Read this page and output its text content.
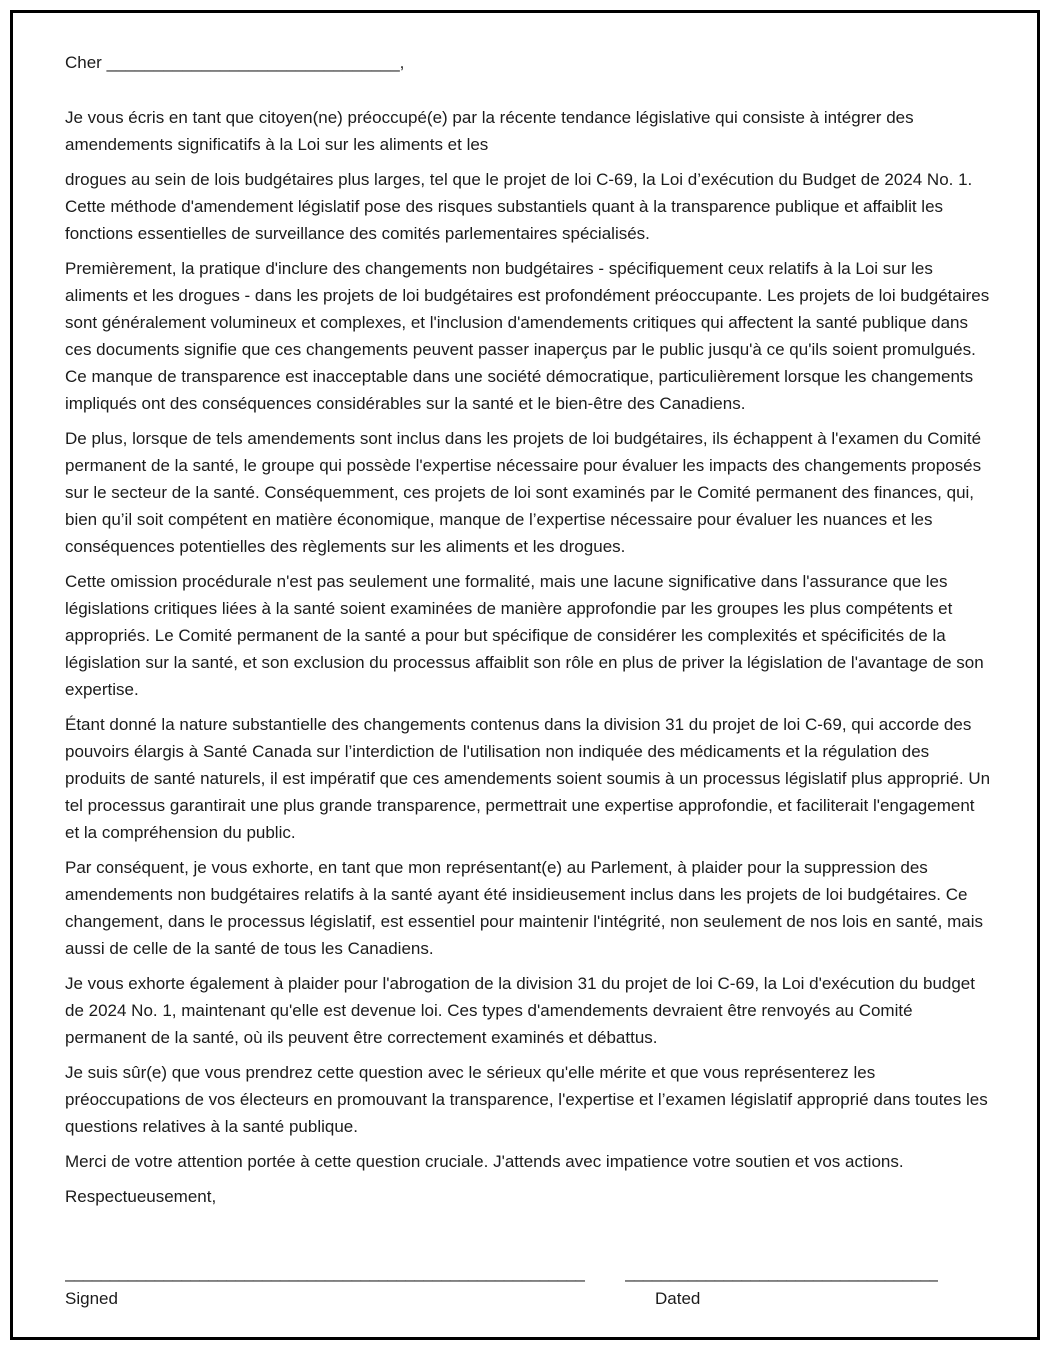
Cher _______________________________,

Je vous écris en tant que citoyen(ne) préoccupé(e) par la récente tendance législative qui consiste à intégrer des amendements significatifs à la Loi sur les aliments et les

drogues au sein de lois budgétaires plus larges, tel que le projet de loi C-69, la Loi d’exécution du Budget de 2024 No. 1. Cette méthode d'amendement législatif pose des risques substantiels quant à la transparence publique et affaiblit les fonctions essentielles de surveillance des comités parlementaires spécialisés.

Premièrement, la pratique d'inclure des changements non budgétaires - spécifiquement ceux relatifs à la Loi sur les aliments et les drogues - dans les projets de loi budgétaires est profondément préoccupante. Les projets de loi budgétaires sont généralement volumineux et complexes, et l'inclusion d'amendements critiques qui affectent la santé publique dans ces documents signifie que ces changements peuvent passer inaperçus par le public jusqu'à ce qu'ils soient promulgués. Ce manque de transparence est inacceptable dans une société démocratique, particulièrement lorsque les changements impliqués ont des conséquences considérables sur la santé et le bien-être des Canadiens.

De plus, lorsque de tels amendements sont inclus dans les projets de loi budgétaires, ils échappent à l'examen du Comité permanent de la santé, le groupe qui possède l'expertise nécessaire pour évaluer les impacts des changements proposés sur le secteur de la santé. Conséquemment, ces projets de loi sont examinés par le Comité permanent des finances, qui, bien qu’il soit compétent en matière économique, manque de l’expertise nécessaire pour évaluer les nuances et les conséquences potentielles des règlements sur les aliments et les drogues.

Cette omission procédurale n'est pas seulement une formalité, mais une lacune significative dans l'assurance que les législations critiques liées à la santé soient examinées de manière approfondie par les groupes les plus compétents et appropriés. Le Comité permanent de la santé a pour but spécifique de considérer les complexités et spécificités de la législation sur la santé, et son exclusion du processus affaiblit son rôle en plus de priver la législation de l'avantage de son expertise.

Étant donné la nature substantielle des changements contenus dans la division 31 du projet de loi C-69, qui accorde des pouvoirs élargis à Santé Canada sur l’interdiction de l'utilisation non indiquée des médicaments et la régulation des produits de santé naturels, il est impératif que ces amendements soient soumis à un processus législatif plus approprié. Un tel processus garantirait une plus grande transparence, permettrait une expertise approfondie, et faciliterait l'engagement et la compréhension du public.

Par conséquent, je vous exhorte, en tant que mon représentant(e) au Parlement, à plaider pour la suppression des amendements non budgétaires relatifs à la santé ayant été insidieusement inclus dans les projets de loi budgétaires. Ce changement, dans le processus législatif, est essentiel pour maintenir l'intégrité, non seulement de nos lois en santé, mais aussi de celle de la santé de tous les Canadiens.

Je vous exhorte également à plaider pour l'abrogation de la division 31 du projet de loi C-69, la Loi d'exécution du budget de 2024 No. 1, maintenant qu'elle est devenue loi. Ces types d'amendements devraient être renvoyés au Comité permanent de la santé, où ils peuvent être correctement examinés et débattus.

Je suis sûr(e) que vous prendrez cette question avec le sérieux qu'elle mérite et que vous représenterez les préoccupations de vos électeurs en promouvant la transparence, l'expertise et l’examen législatif approprié dans toutes les questions relatives à la santé publique.

Merci de votre attention portée à cette question cruciale. J'attends avec impatience votre soutien et vos actions.

Respectueusement,

__________________________________________________________
Signed
___________________________________
Dated
